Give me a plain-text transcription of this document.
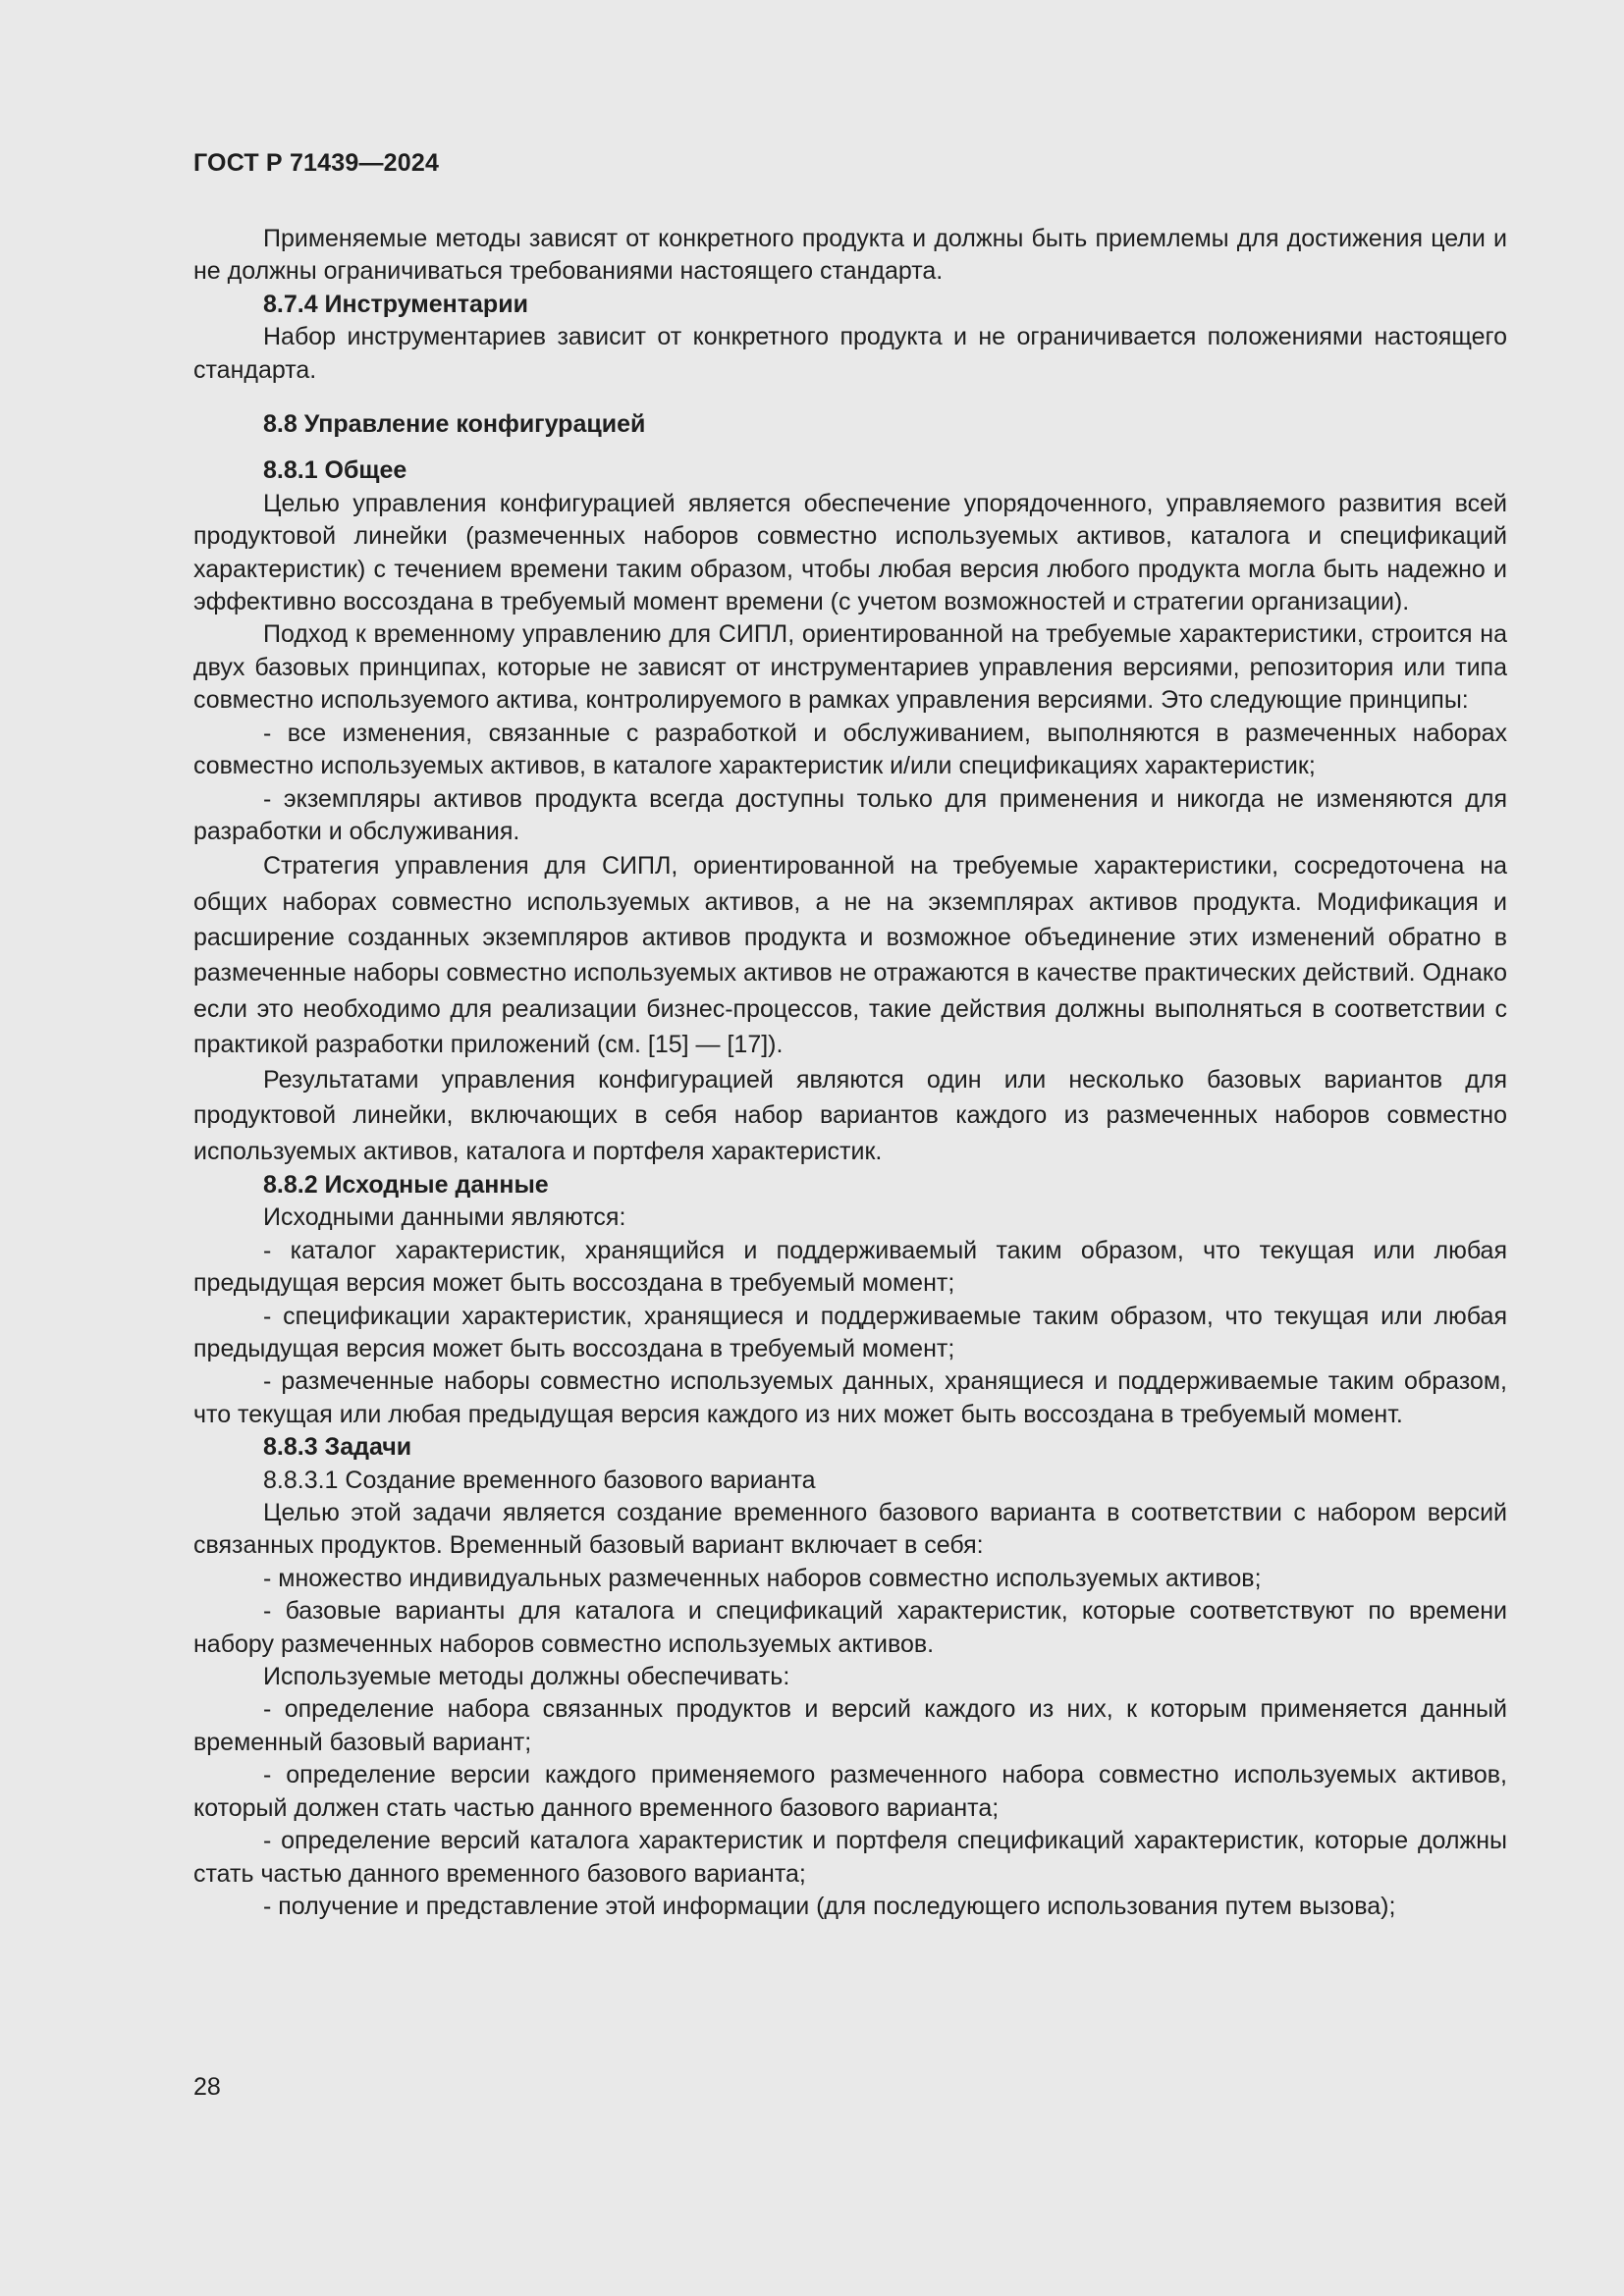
ГОСТ Р 71439—2024

Применяемые методы зависят от конкретного продукта и должны быть приемлемы для достижения цели и не должны ограничиваться требованиями настоящего стандарта.

8.7.4 Инструментарии

Набор инструментариев зависит от конкретного продукта и не ограничивается положениями настоящего стандарта.

8.8 Управление конфигурацией

8.8.1 Общее

Целью управления конфигурацией является обеспечение упорядоченного, управляемого развития всей продуктовой линейки (размеченных наборов совместно используемых активов, каталога и спецификаций характеристик) с течением времени таким образом, чтобы любая версия любого продукта могла быть надежно и эффективно воссоздана в требуемый момент времени (с учетом возможностей и стратегии организации).

Подход к временному управлению для СИПЛ, ориентированной на требуемые характеристики, строится на двух базовых принципах, которые не зависят от инструментариев управления версиями, репозитория или типа совместно используемого актива, контролируемого в рамках управления версиями. Это следующие принципы:

- все изменения, связанные с разработкой и обслуживанием, выполняются в размеченных наборах совместно используемых активов, в каталоге характеристик и/или спецификациях характеристик;

- экземпляры активов продукта всегда доступны только для применения и никогда не изменяются для разработки и обслуживания.

Стратегия управления для СИПЛ, ориентированной на требуемые характеристики, сосредоточена на общих наборах совместно используемых активов, а не на экземплярах активов продукта. Модификация и расширение созданных экземпляров активов продукта и возможное объединение этих изменений обратно в размеченные наборы совместно используемых активов не отражаются в качестве практических действий. Однако если это необходимо для реализации бизнес-процессов, такие действия должны выполняться в соответствии с практикой разработки приложений (см. [15] — [17]).

Результатами управления конфигурацией являются один или несколько базовых вариантов для продуктовой линейки, включающих в себя набор вариантов каждого из размеченных наборов совместно используемых активов, каталога и портфеля характеристик.

8.8.2 Исходные данные

Исходными данными являются:

- каталог характеристик, хранящийся и поддерживаемый таким образом, что текущая или любая предыдущая версия может быть воссоздана в требуемый момент;

- спецификации характеристик, хранящиеся и поддерживаемые таким образом, что текущая или любая предыдущая версия может быть воссоздана в требуемый момент;

- размеченные наборы совместно используемых данных, хранящиеся и поддерживаемые таким образом, что текущая или любая предыдущая версия каждого из них может быть воссоздана в требуемый момент.

8.8.3 Задачи

8.8.3.1 Создание временного базового варианта

Целью этой задачи является создание временного базового варианта в соответствии с набором версий связанных продуктов. Временный базовый вариант включает в себя:

- множество индивидуальных размеченных наборов совместно используемых активов;

- базовые варианты для каталога и спецификаций характеристик, которые соответствуют по времени набору размеченных наборов совместно используемых активов.

Используемые методы должны обеспечивать:

- определение набора связанных продуктов и версий каждого из них, к которым применяется данный временный базовый вариант;

- определение версии каждого применяемого размеченного набора совместно используемых активов, который должен стать частью данного временного базового варианта;

- определение версий каталога характеристик и портфеля спецификаций характеристик, которые должны стать частью данного временного базового варианта;

- получение и представление этой информации (для последующего использования путем вызова);

28
